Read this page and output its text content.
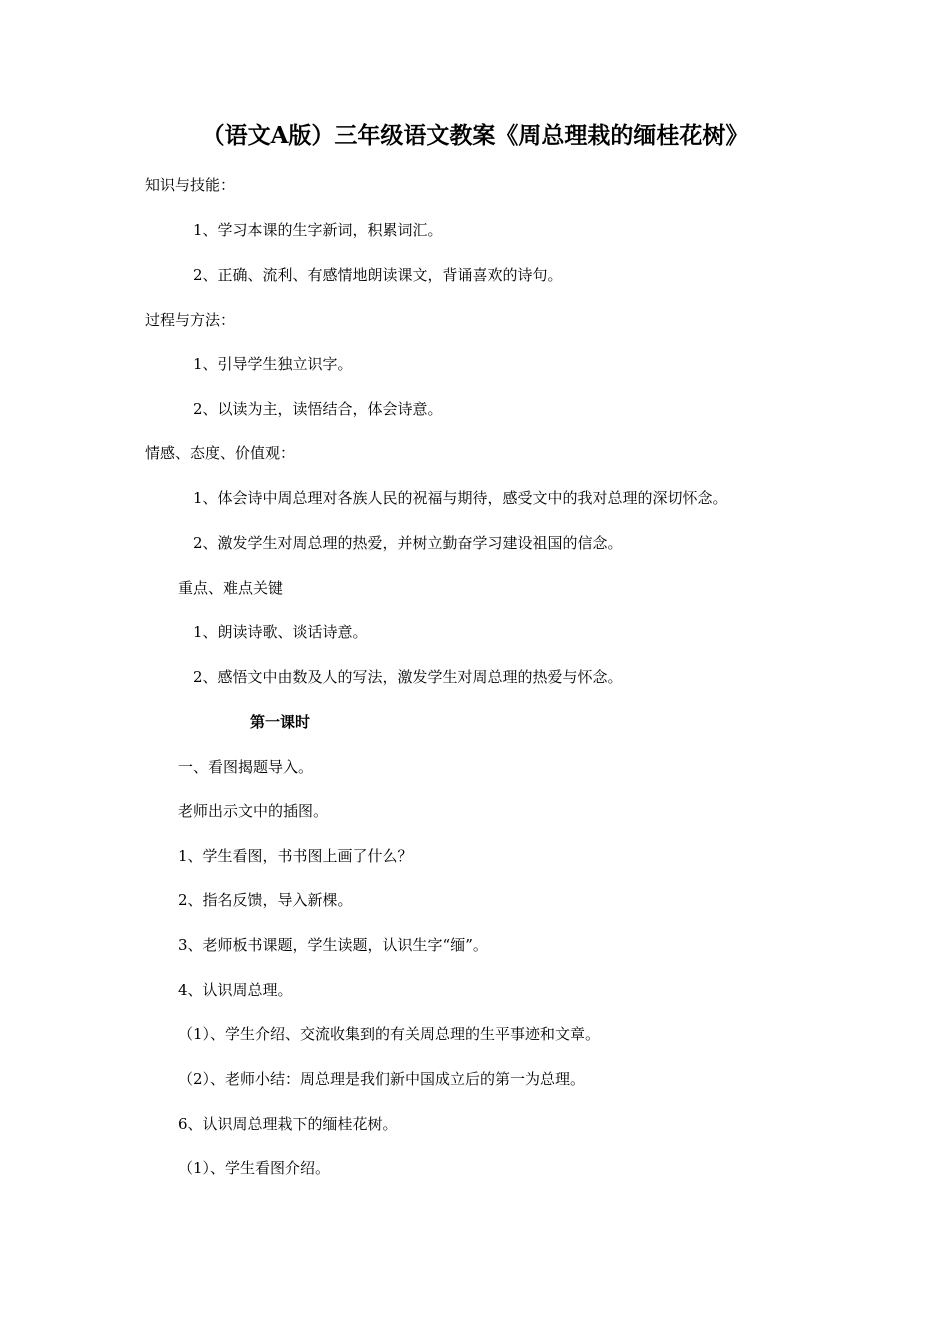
（语文A版）三年级语文教案《周总理栽的缅桂花树》
知识与技能：
1、学习本课的生字新词，积累词汇。
2、正确、流利、有感情地朗读课文，背诵喜欢的诗句。
过程与方法：
1、引导学生独立识字。
2、以读为主，读悟结合，体会诗意。
情感、态度、价值观：
1、体会诗中周总理对各族人民的祝福与期待，感受文中的我对总理的深切怀念。
2、激发学生对周总理的热爱，并树立勤奋学习建设祖国的信念。
重点、难点关键
1、朗读诗歌、谈话诗意。
2、感悟文中由数及人的写法，激发学生对周总理的热爱与怀念。
第一课时
一、看图揭题导入。
老师出示文中的插图。
1、学生看图，书书图上画了什么？
2、指名反馈，导入新棵。
3、老师板书课题，学生读题，认识生字“缅”。
4、认识周总理。
（1）、学生介绍、交流收集到的有关周总理的生平事迹和文章。
（2）、老师小结：周总理是我们新中国成立后的第一为总理。
6、认识周总理栽下的缅桂花树。
（1）、学生看图介绍。
